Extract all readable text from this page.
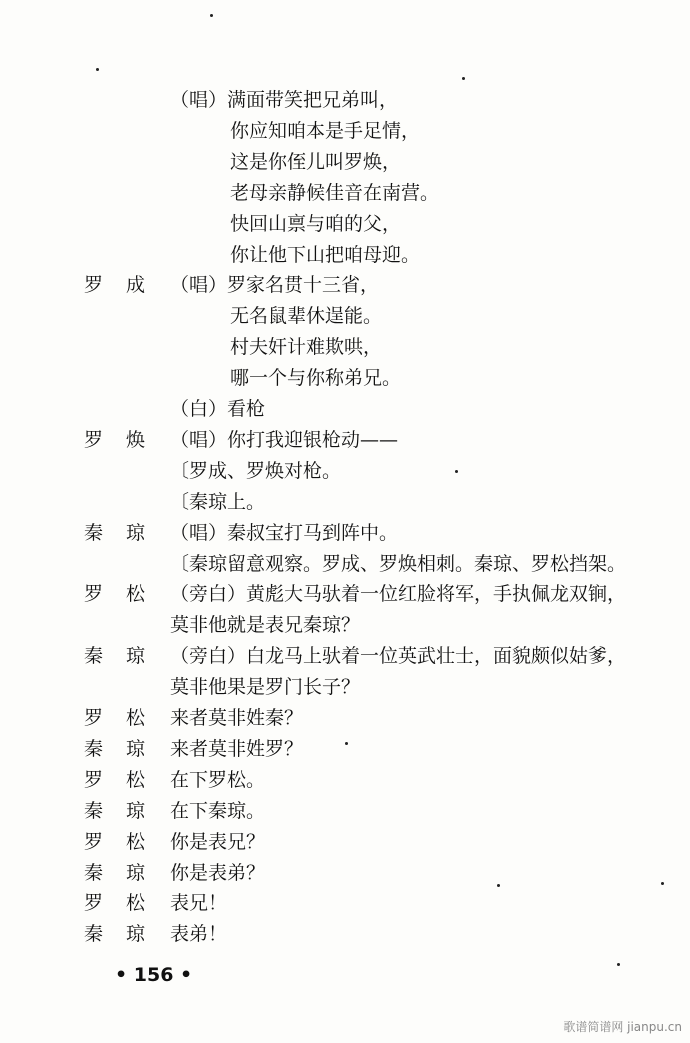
（唱）满面带笑把兄弟叫，
你应知咱本是手足情，
这是你侄儿叫罗焕，
老母亲静候佳音在南营。
快回山禀与咱的父，
你让他下山把咱母迎。
罗　成	（唱）罗家名贯十三省，
无名鼠辈休逞能。
村夫奸计难欺哄，
哪一个与你称弟兄。
（白）看枪
罗　焕	（唱）你打我迎银枪动——
〔罗成、罗焕对枪。
〔秦琼上。
秦　琼	（唱）秦叔宝打马到阵中。
〔秦琼留意观察。罗成、罗焕相刺。秦琼、罗松挡架。
罗　松	（旁白）黄彪大马驮着一位红脸将军，手执佩龙双锏，
莫非他就是表兄秦琼？
秦　琼	（旁白）白龙马上驮着一位英武壮士，面貌颇似姑爹，
莫非他果是罗门长子？
罗　松	来者莫非姓秦？
秦　琼	来者莫非姓罗？
罗　松	在下罗松。
秦　琼	在下秦琼。
罗　松	你是表兄？
秦　琼	你是表弟？
罗　松	表兄！
秦　琼	表弟！
• 156 •
歌谱简谱网 jianpu.cn
